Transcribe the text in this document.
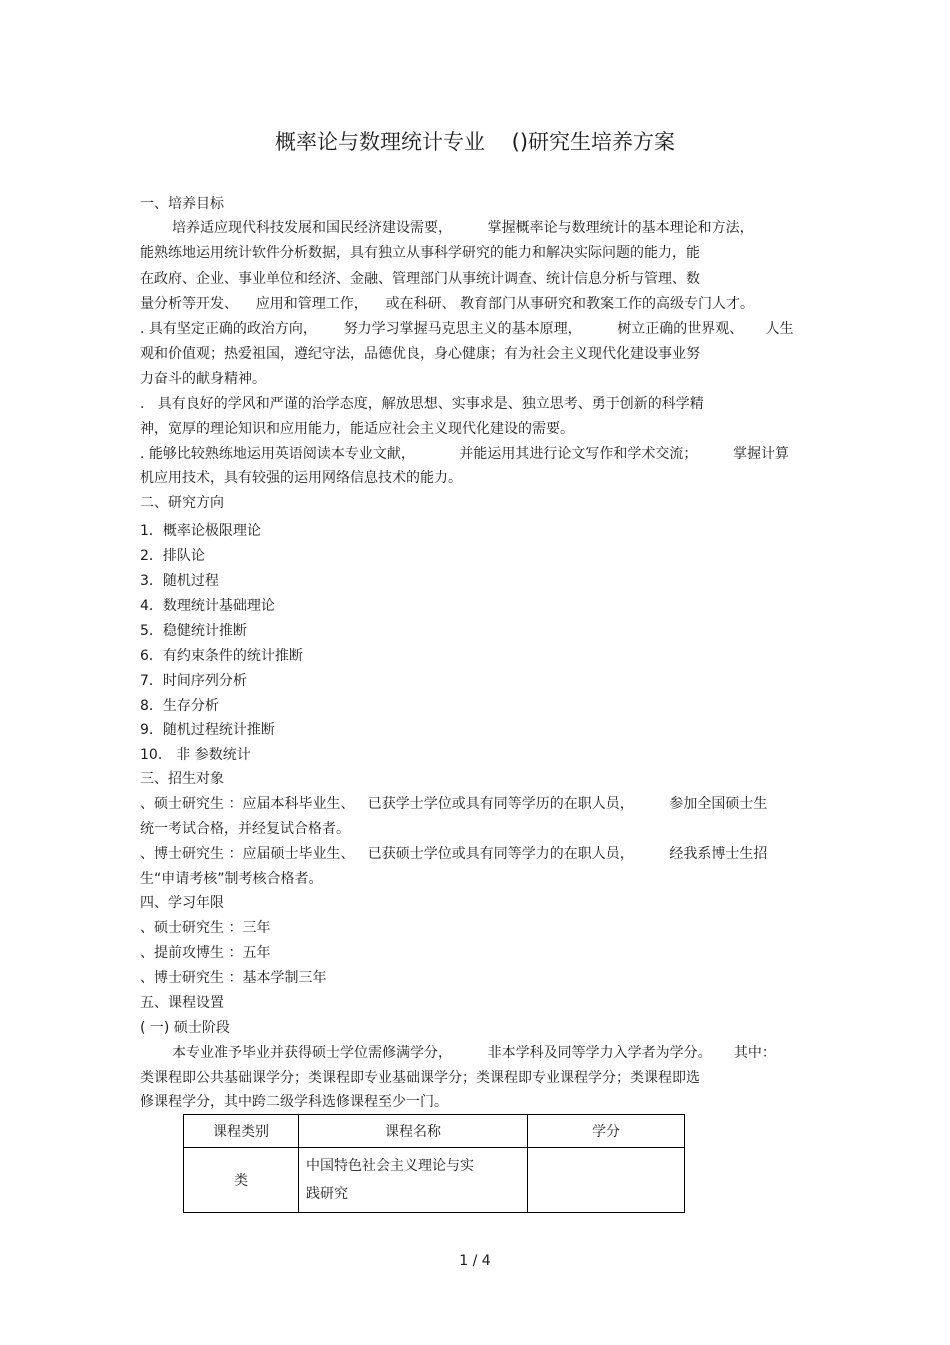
概率论与数理统计专业    ()研究生培养方案
一、培养目标
培养适应现代科技发展和国民经济建设需要，        掌握概率论与数理统计的基本理论和方法，
能熟练地运用统计软件分析数据，具有独立从事科学研究的能力和解决实际问题的能力，能
在政府、企业、事业单位和经济、金融、管理部门从事统计调查、统计信息分析与管理、数
量分析等开发、    应用和管理工作，    或在科研、 教育部门从事研究和教案工作的高级专门人才。
. 具有坚定正确的政治方向，      努力学习掌握马克思主义的基本原理，        树立正确的世界观、     人生
观和价值观；热爱祖国，遵纪守法，品德优良，身心健康；有为社会主义现代化建设事业努
力奋斗的献身精神。
.   具有良好的学风和严谨的治学态度，解放思想、实事求是、独立思考、勇于创新的科学精
神，宽厚的理论知识和应用能力，能适应社会主义现代化建设的需要。
. 能够比较熟练地运用英语阅读本专业文献，          并能运用其进行论文写作和学术交流；        掌握计算
机应用技术，具有较强的运用网络信息技术的能力。
二、研究方向
1．概率论极限理论
2．排队论
3．随机过程
4．数理统计基础理论
5．稳健统计推断
6．有约束条件的统计推断
7．时间序列分析
8．生存分析
9．随机过程统计推断
10． 非 参数统计
三、招生对象
、硕士研究生 ：应届本科毕业生、   已获学士学位或具有同等学历的在职人员，        参加全国硕士生
统一考试合格，并经复试合格者。
、博士研究生 ：应届硕士毕业生、   已获硕士学位或具有同等学力的在职人员，        经我系博士生招
生“申请考核”制考核合格者。
四、学习年限
、硕士研究生 ：三年
、提前攻博生 ：五年
、博士研究生 ：基本学制三年
五、课程设置
( 一) 硕士阶段
本专业准予毕业并获得硕士学位需修满学分，        非本学科及同等学力入学者为学分。     其中：
类课程即公共基础课学分；类课程即专业基础课学分；类课程即专业课程学分；类课程即选
修课程学分，其中跨二级学科选修课程至少一门。
课程类别	课程名称	学分
类	中国特色社会主义理论与实
践研究	

1 / 4
